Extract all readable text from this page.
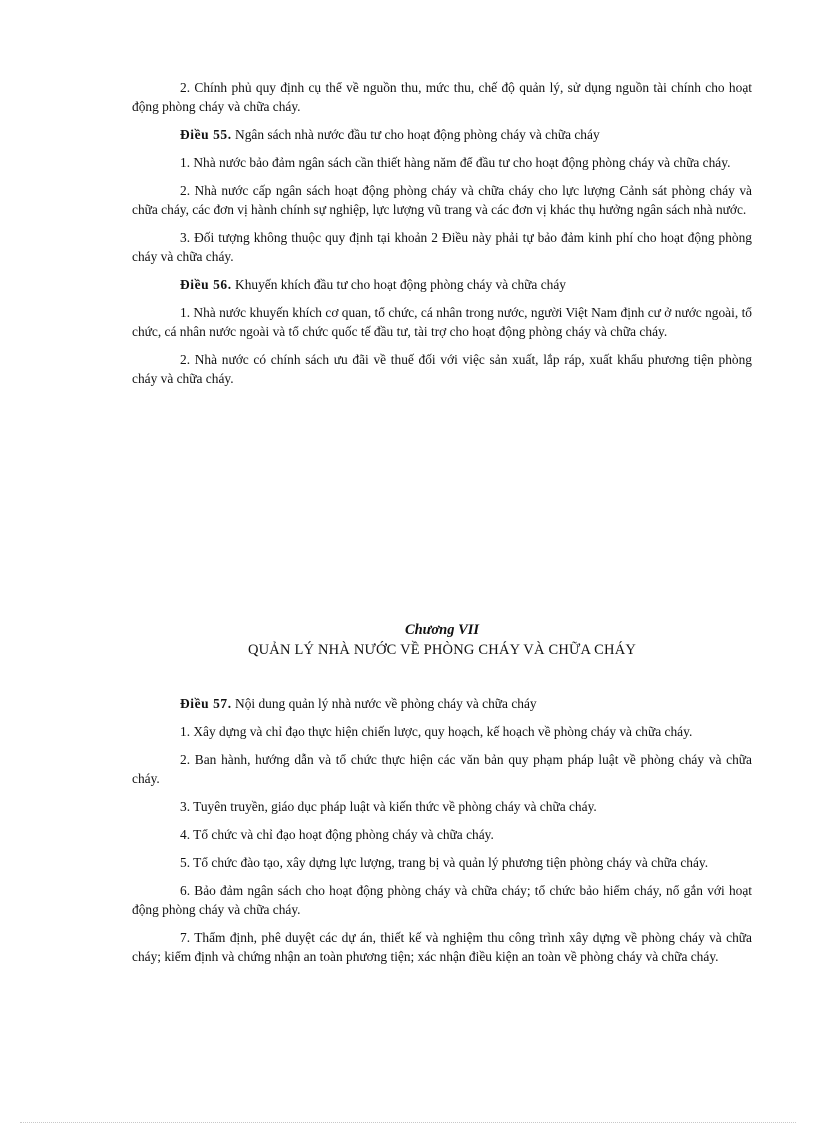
2. Chính phủ quy định cụ thể về nguồn thu, mức thu, chế độ quản lý, sử dụng nguồn tài chính cho hoạt động phòng cháy và chữa cháy.

Điều 55. Ngân sách nhà nước đầu tư cho hoạt động phòng cháy và chữa cháy

1. Nhà nước bảo đảm ngân sách cần thiết hàng năm để đầu tư cho hoạt động phòng cháy và chữa cháy.

2. Nhà nước cấp ngân sách hoạt động phòng cháy và chữa cháy cho lực lượng Cảnh sát phòng cháy và chữa cháy, các đơn vị hành chính sự nghiệp, lực lượng vũ trang và các đơn vị khác thụ hưởng ngân sách nhà nước.

3. Đối tượng không thuộc quy định tại khoản 2 Điều này phải tự bảo đảm kinh phí cho hoạt động phòng cháy và chữa cháy.

Điều 56. Khuyến khích đầu tư cho hoạt động phòng cháy và chữa cháy

1. Nhà nước khuyến khích cơ quan, tổ chức, cá nhân trong nước, người Việt Nam định cư ở nước ngoài, tổ chức, cá nhân nước ngoài và tổ chức quốc tế đầu tư, tài trợ cho hoạt động phòng cháy và chữa cháy.

2. Nhà nước có chính sách ưu đãi về thuế đối với việc sản xuất, lắp ráp, xuất khẩu phương tiện phòng cháy và chữa cháy.

Chương VII
QUẢN LÝ NHÀ NƯỚC VỀ PHÒNG CHÁY VÀ CHỮA CHÁY

Điều 57. Nội dung quản lý nhà nước về phòng cháy và chữa cháy

1. Xây dựng và chỉ đạo thực hiện chiến lược, quy hoạch, kế hoạch về phòng cháy và chữa cháy.

2. Ban hành, hướng dẫn và tổ chức thực hiện các văn bản quy phạm pháp luật về phòng cháy và chữa cháy.

3. Tuyên truyền, giáo dục pháp luật và kiến thức về phòng cháy và chữa cháy.

4. Tổ chức và chỉ đạo hoạt động phòng cháy và chữa cháy.

5. Tổ chức đào tạo, xây dựng lực lượng, trang bị và quản lý phương tiện phòng cháy và chữa cháy.

6. Bảo đảm ngân sách cho hoạt động phòng cháy và chữa cháy; tổ chức bảo hiểm cháy, nổ gắn với hoạt động phòng cháy và chữa cháy.

7. Thẩm định, phê duyệt các dự án, thiết kế và nghiệm thu công trình xây dựng về phòng cháy và chữa cháy; kiểm định và chứng nhận an toàn phương tiện; xác nhận điều kiện an toàn về phòng cháy và chữa cháy.
